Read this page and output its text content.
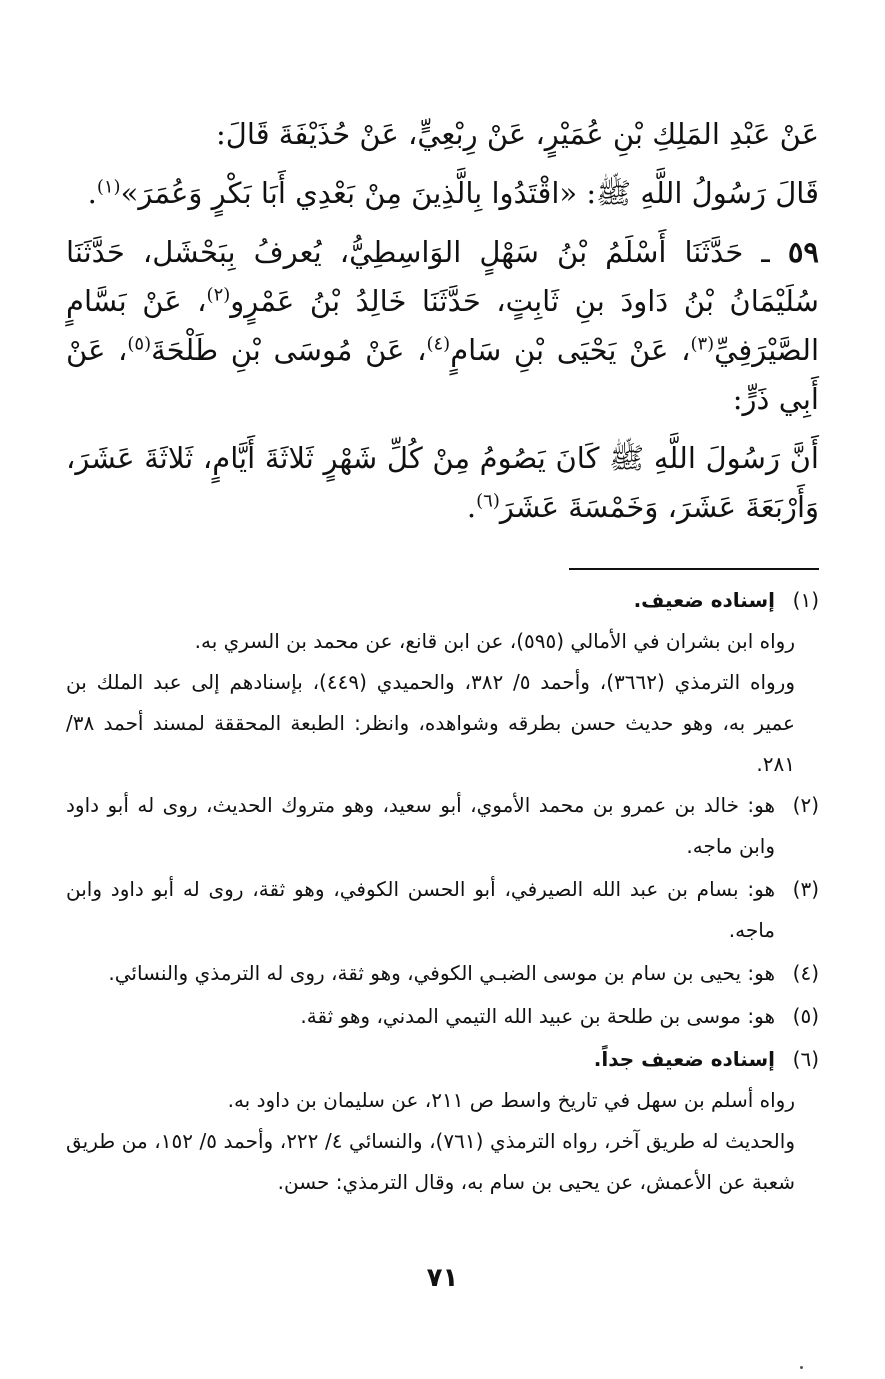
عَنْ عَبْدِ المَلِكِ بْنِ عُمَيْرٍ، عَنْ رِبْعِيٍّ، عَنْ حُذَيْفَةَ قَالَ:

قَالَ رَسُولُ اللَّهِ ﷺ: «اقْتَدُوا بِالَّذِينَ مِنْ بَعْدِي أَبَا بَكْرٍ وَعُمَرَ»$^{(١)}$.

٥٩ ـ حَدَّثَنَا أَسْلَمُ بْنُ سَهْلٍ الوَاسِطِيُّ، يُعرفُ بِبَحْشَل، حَدَّثَنَا سُلَيْمَانُ بْنُ دَاودَ بنِ ثَابِتٍ، حَدَّثَنَا خَالِدُ بْنُ عَمْرٍو$^{(٢)}$، عَنْ بَسَّامٍ الصَّيْرَفِيِّ$^{(٣)}$، عَنْ يَحْيَى بْنِ سَامٍ$^{(٤)}$، عَنْ مُوسَى بْنِ طَلْحَةَ$^{(٥)}$، عَنْ أَبِي ذَرٍّ:

أَنَّ رَسُولَ اللَّهِ ﷺ كَانَ يَصُومُ مِنْ كُلِّ شَهْرٍ ثَلاثَةَ أَيَّامٍ، ثَلاثَةَ عَشَرَ، وَأَرْبَعَةَ عَشَرَ، وَخَمْسَةَ عَشَرَ$^{(٦)}$.

(١)
إسناده ضعيف.

رواه ابن بشران في الأمالي (٥٩٥)، عن ابن قانع، عن محمد بن السري به.

ورواه الترمذي (٣٦٦٢)، وأحمد ٥/ ٣٨٢، والحميدي (٤٤٩)، بإسنادهم إلى عبد الملك بن عمير به، وهو حديث حسن بطرقه وشواهده، وانظر: الطبعة المحققة لمسند أحمد ٣٨/ ٢٨١.

(٢)
هو: خالد بن عمرو بن محمد الأموي، أبو سعيد، وهو متروك الحديث، روى له أبو داود وابن ماجه.
(٣)
هو: بسام بن عبد الله الصيرفي، أبو الحسن الكوفي، وهو ثقة، روى له أبو داود وابن ماجه.
(٤)
هو: يحيى بن سام بن موسى الضبـي الكوفي، وهو ثقة، روى له الترمذي والنسائي.
(٥)
هو: موسى بن طلحة بن عبيد الله التيمي المدني، وهو ثقة.
(٦)
إسناده ضعيف جداً.

رواه أسلم بن سهل في تاريخ واسط ص ٢١١، عن سليمان بن داود به.

والحديث له طريق آخر، رواه الترمذي (٧٦١)، والنسائي ٤/ ٢٢٢، وأحمد ٥/ ١٥٢، من طريق شعبة عن الأعمش، عن يحيى بن سام به، وقال الترمذي: حسن.

٧١
